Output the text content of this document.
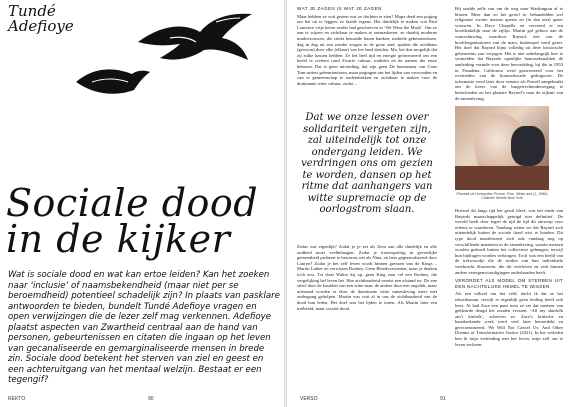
Tundé
Adefioye
Sociale dood
in de kijker
Wat is sociale dood en wat kan ertoe leiden? Kan het zoeken naar ‘inclusie’ of naamsbekendheid (maar niet per se beroemdheid) potentieel schadelijk zijn? In plaats van pasklare antwoorden te bieden, bundelt Tundé Adefioye vragen en open verwijzingen die de lezer zelf mag verkennen. Adefioye plaatst aspecten van Zwartheid centraal aan de hand van personen, gebeurtenissen en citaten die ingaan op het leven van gecanaliseerde en gemarginaliseerde mensen in brede zin. Sociale dood betekent het sterven van ziel en geest en een achteruitgang van het mentaal welzijn. Bestaat er een tegengif?
REKTO	90
WAT JE ZAGEN IS WAT JE ZAGEN

Maar hebben ze ooit gezien wat ze dachten te zien? Mapa deed een poging om het uit te leggen, ze faalde ergens. Het duidelijk te maken wat Paul Laurence vrije keren eerder had geschreven in ‘We Wear the Mask’. Om ze aan te wijzen en zichtbaar te maken te ontmaskeren: ze daarbij moderne marktvrouwen, die sterkt benaalde basen banken, mobiele gebeurtenissen, dag in dag uit een zonder zorgen in de grote stad, spoken die zichtbaar (gewoon) door elke (elkaar) van het land dreiden. Ma, het dus mogelijk dat zij zulke kassen hebben. Ze het heel tijd en energie geïnvesteerd om een beeld te creëren rond Zwarte cultuur, tradities en de namen die ertoe behoren. Dat is geen uitvinding, dat zijn geen De kunstenaar van Cons Tom-artiest gebeurtenissen, maar pogingen om het lijden van verwonden en van te gemeenschap te onderdrukken en zichtbaar te maken voor de dominante witte cultuur, zodat ...

Dat we onze lessen over solidariteit vergeten zijn, zal uiteindelijk tot onze ondergang leiden. We verdringen ons om gezien te worden, dansen op het ritme dat aanhangers van witte supremacie op de oorlogstrom slaan.

Zodat wat eigenlijk? Zodat je je zet als Zora aan alle duidelijk en alle oudheid moet veelbelangen. Zodat je ironiespolitig in geestelijke gemeenheid probeert te bewaren, net als Nina, en later gegeneraliseerd door Lauryn? Zodat je het zelf leven wordt binnen grenzen van de Kings – Martin Luther en verwijzen Rodney. Geen Bloedverwanten, maar je denken toch zou. Tot slaat Walter kij op, geen King zaat vel een Rodney, die vergelijking bel leven het. Hoe zichtbaarheid vereist een afstand tot. De ene stierf door de kastelen van een witte man, de andere door een ongeluk, maar uiteraard worden er door de dominante witte samenleving meer niet ondergang geholpen. Martin was ooit al in ons de zichtbaarheid van de dood hun leden. Het doel was het lijden te tonen. Als Martin later een trefbeeld, maar sociale dood.

Hij raadde zelfs van om de weg naar Washington af te blazen. Meer dan zo het gerief te, behandelden wel religieuze zwarte massas queers en (in dan niet) queer vrouwen. In Dave Chapelle en vervoerd er ten hoofdzakelijk naar de zijlijn. Martin gaf gehoor aan de waarschuwing, waardoor Rayard, een van de hoofdorganisatoren van de mars, buitenspel werd gezet. Het doel dat Bayard bijna volledig uit deze historische gebeurtenis zou verjagen. Het is niet onbelangrijk hier te vermelden dat Bayards openlijke homoseksualiteit de aanleiding vormde voor deze beoordeling, bij die in 1953 in Pasadena, California werd gearresteerd voor het overtreden van de homoseksuele gedragswet. De informatie werd later door senator als Powell aangebruikt om de koers van de burgerrechtenbeweging te beïnvloeden en het plaatste Bayard’s naar de zijkant van de samenleving.

Pimmelt uit Honeyotter Picture, Fine, White and (1, 1966) Collectie Mobile New York

Hoewel dit langs tijd het geval bleef, was het einde van Bayards maatschappelijk getuigd niet definitief. De wereld heeft door tegen de tijd de tijd dit ontwerp voor erfenis te waarderen. Vandaag weten we dat Bayard zich uiteindelijk buiten de sociale dood wist te houden. Dit type dood manifesteert zich ook vandaag nog op verschillende manieren in de samenleving, waarin mensen worden geduwd buiten het collectieve geheugen, terwijl hun bijdragen worden verborgen. Toch was een beeld van de trefwoordje die de sterkte van hun individuele veerkracht illustreren, die dit overleven en zich binnen andere vertegenwoordigingen onderhouden heeft.

VERORDET ALS MODEL OM STERBEN UIT EEN NACHTELIJKE HEMEL TE WISSEN

Als een tolkvel om het veld, dacht ik dat ze het tekortkoman, terwijl er eigenlijk geen leiding heeft ook leert. Al had Zora een punt toen ze zei dat mensen van gekleurde deugd het zouden ervaren. ‘All my skinfolk ain’t kinfolk’, schreven ze. Zora’s kritische en baanbrekende werk werd veel later herontdekt en gereconstrueerd. We Will Not Cancel Us: And Other Dreams of Transformative Justice (2021). In het verleden ben ik mijn verbinding met het leven, mijn zelf om te leven verloren.

VERSO	91
